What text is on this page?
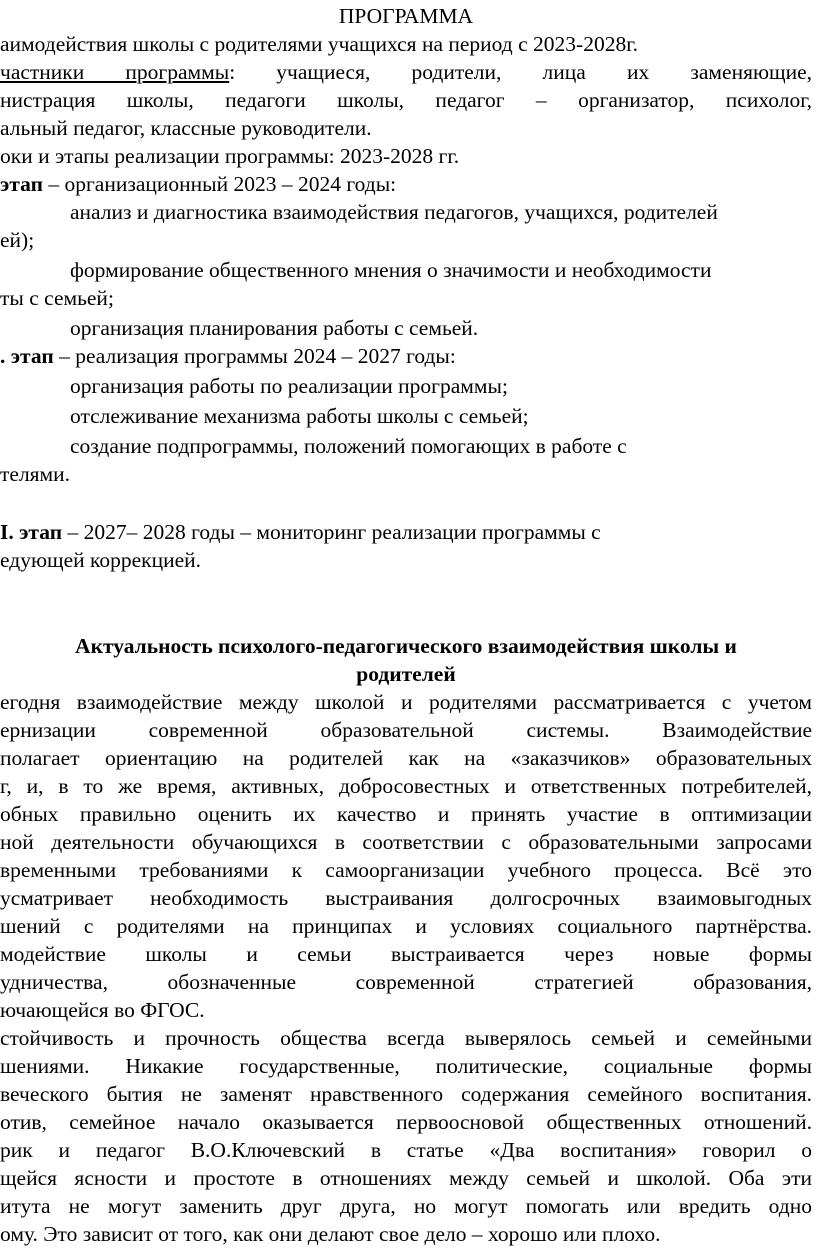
ПРОГРАММА
аимодействия школы с родителями учащихся на период с 2023-2028г.
частники программы: учащиеся, родители, лица их заменяющие,
нистрация школы, педагоги школы, педагог – организатор, психолог,
альный педагог, классные руководители.
оки и этапы реализации программы: 2023-2028 гг.
этап – организационный 2023 – 2024 годы:
анализ и диагностика взаимодействия педагогов, учащихся, родителей
ей);
формирование общественного мнения о значимости и необходимости
ты с семьей;
организация планирования работы с семьей.
. этап – реализация программы 2024 – 2027 годы:
организация работы по реализации программы;
отслеживание механизма работы школы с семьей;
создание подпрограммы, положений помогающих в работе с
телями.
I. этап – 2027– 2028 годы – мониторинг реализации программы с
едующей коррекцией.
Актуальность психолого-педагогического взаимодействия школы и
родителей
егодня взаимодействие между школой и родителями рассматривается с учетом
ернизации современной образовательной системы. Взаимодействие
полагает ориентацию на родителей как на «заказчиков» образовательных
г, и, в то же время, активных, добросовестных и ответственных потребителей,
обных правильно оценить их качество и принять участие в оптимизации
ной деятельности обучающихся в соответствии с образовательными запросами
временными требованиями к самоорганизации учебного процесса. Всё это
усматривает необходимость выстраивания долгосрочных взаимовыгодных
шений с родителями на принципах и условиях социального партнёрства.
модействие школы и семьи выстраивается через новые формы
удничества, обозначенные современной стратегией образования,
ючающейся во ФГОС.
стойчивость и прочность общества всегда выверялось семьей и семейными
шениями. Никакие государственные, политические, социальные формы
веческого бытия не заменят нравственного содержания семейного воспитания.
отив, семейное начало оказывается первоосновой общественных отношений.
рик и педагог В.О.Ключевский в статье «Два воспитания» говорил о
щейся ясности и простоте в отношениях между семьей и школой. Оба эти
итута не могут заменить друг друга, но могут помогать или вредить одно
ому. Это зависит от того, как они делают свое дело – хорошо или плохо.
